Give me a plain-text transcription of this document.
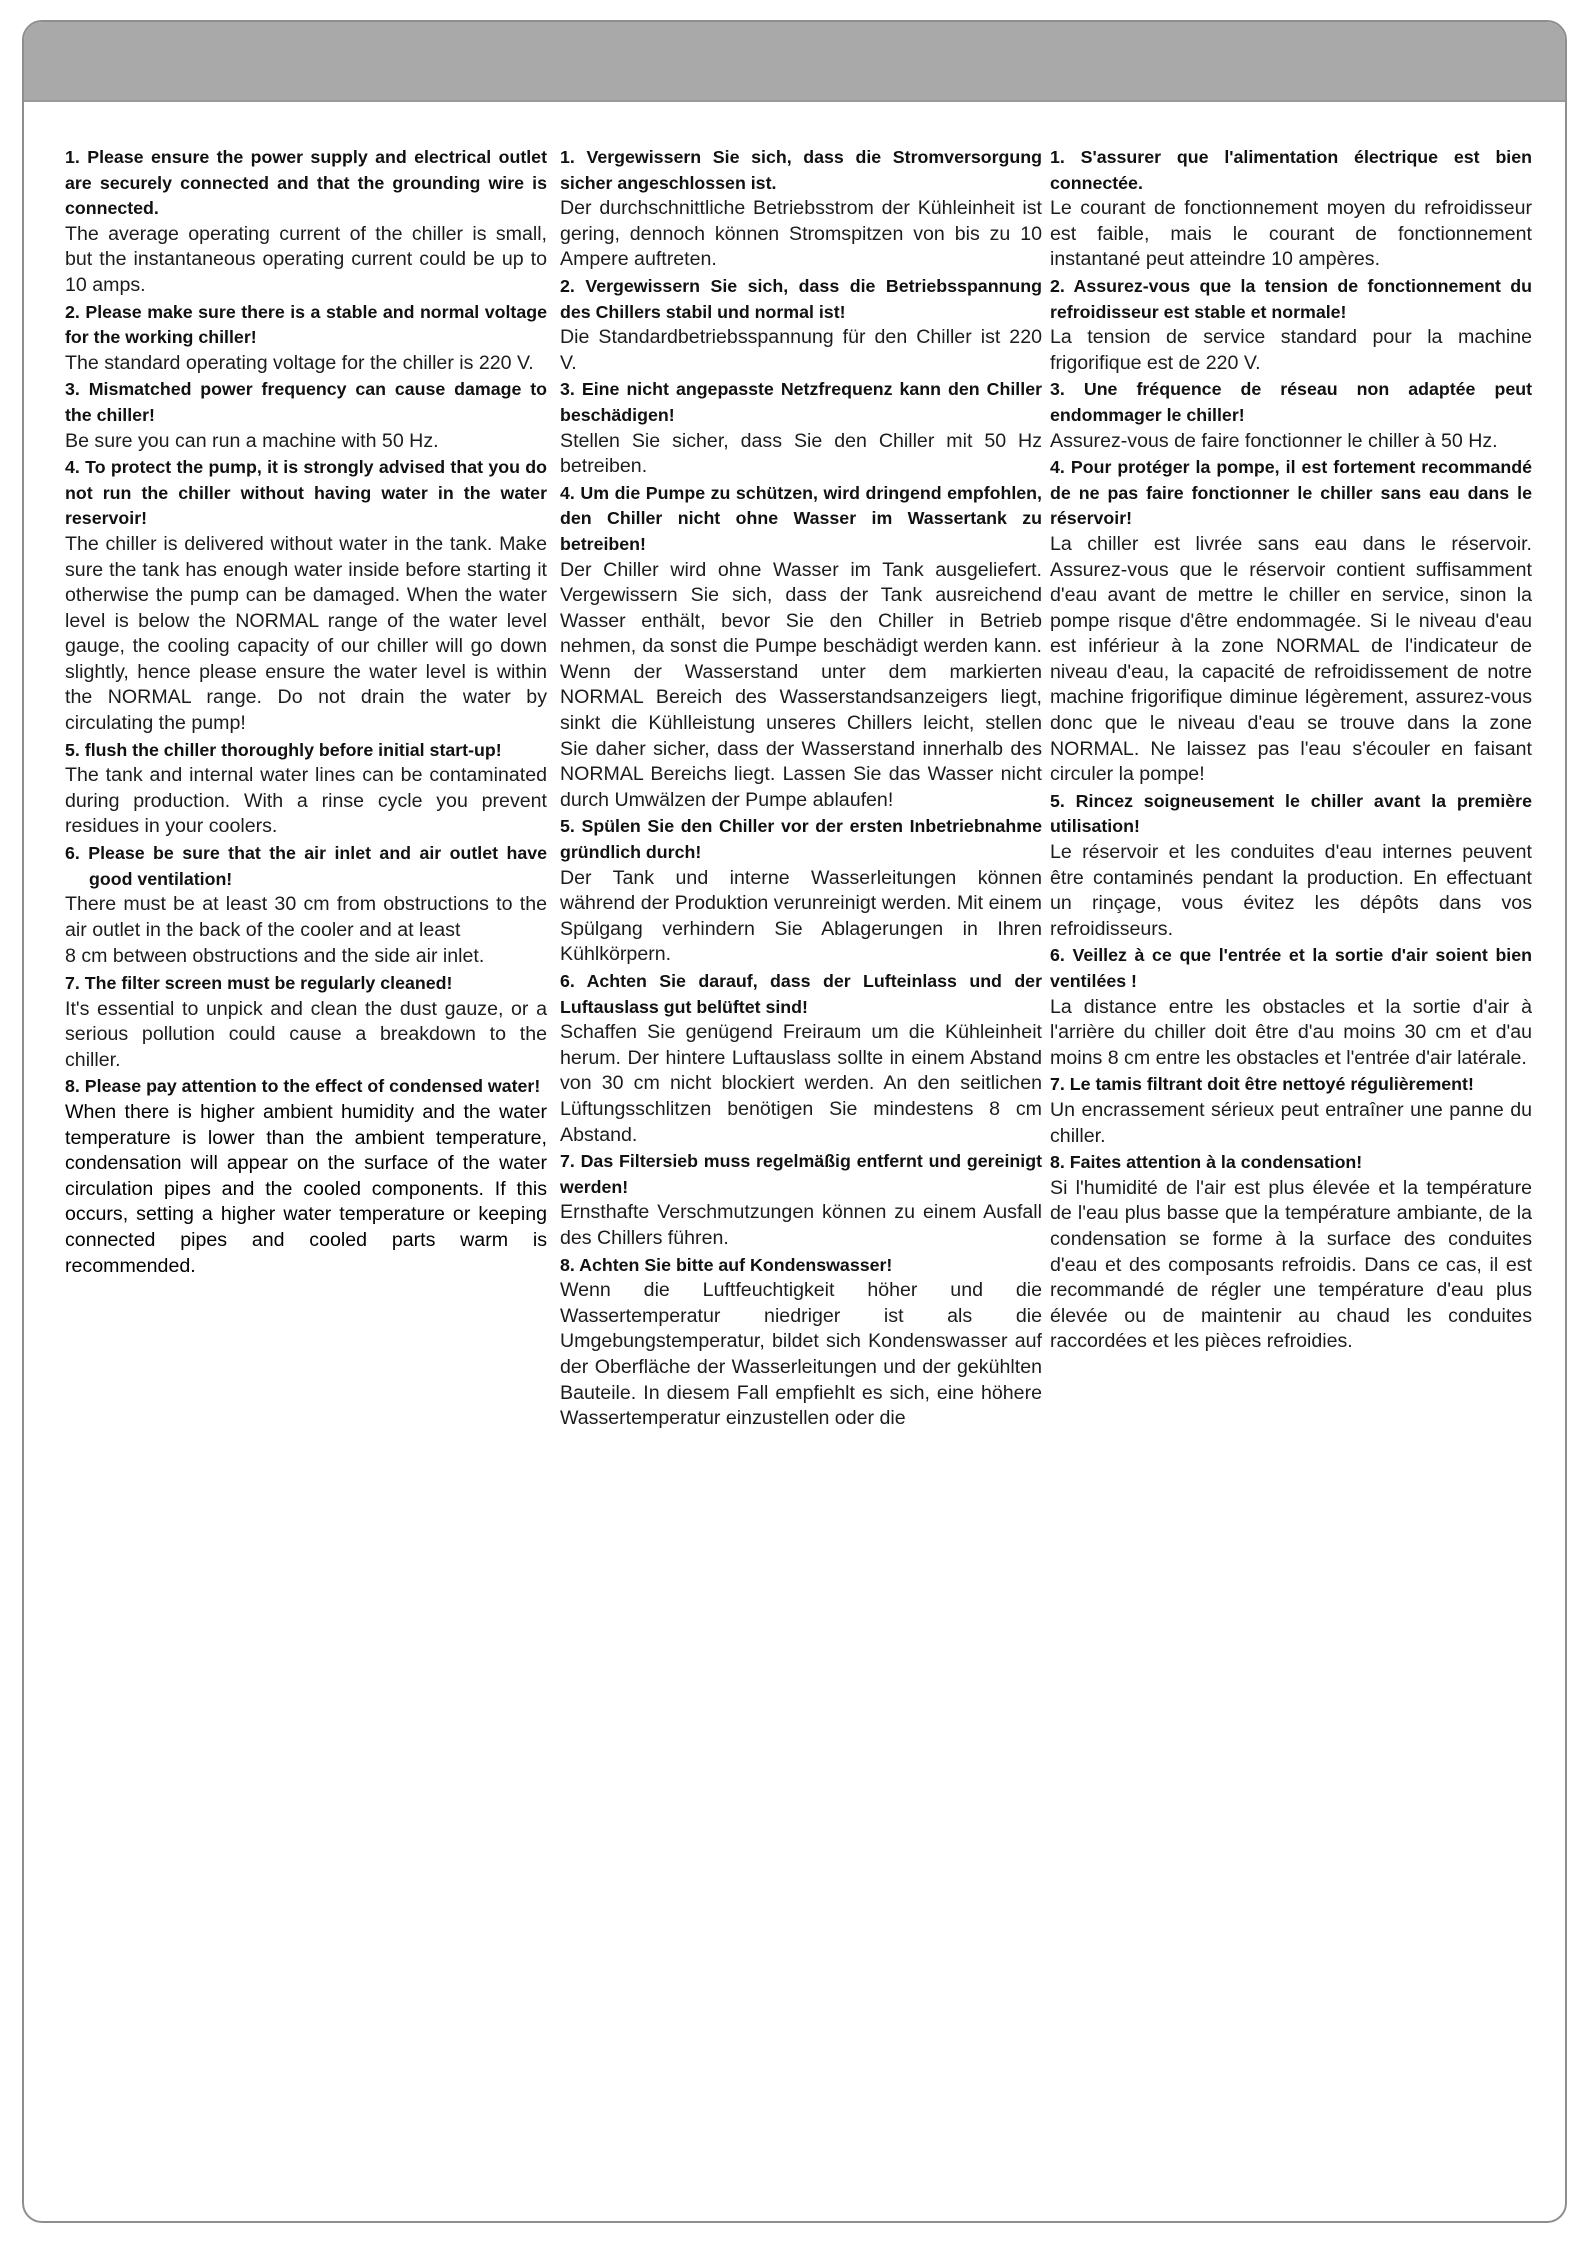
1. Please ensure the power supply and electrical outlet are securely connected and that the grounding wire is connected.

The average operating current of the chiller is small, but the instantaneous operating current could be up to 10 amps.

2. Please make sure there is a stable and normal voltage for the working chiller!

The standard operating voltage for the chiller is 220 V.

3. Mismatched power frequency can cause damage to the chiller!

Be sure you can run a machine with 50 Hz.

4. To protect the pump, it is strongly advised that you do not run the chiller without having water in the water reservoir!

The chiller is delivered without water in the tank. Make sure the tank has enough water inside before starting it otherwise the pump can be damaged. When the water level is below the NORMAL range of the water level gauge, the cooling capacity of our chiller will go down slightly, hence please ensure the water level is within the NORMAL range. Do not drain the water by circulating the pump!

5. flush the chiller thoroughly before initial start-up!

The tank and internal water lines can be contaminated during production. With a rinse cycle you prevent residues in your coolers.

6. Please be sure that the air inlet and air outlet have good ventilation!

There must be at least 30 cm from obstructions to the air outlet in the back of the cooler and at least

8 cm between obstructions and the side air inlet.

7. The filter screen must be regularly cleaned!

It's essential to unpick and clean the dust gauze, or a serious pollution could cause a breakdown to the chiller.

8. Please pay attention to the effect of condensed water!

When there is higher ambient humidity and the water temperature is lower than the ambient temperature, condensation will appear on the surface of the water circulation pipes and the cooled components. If this occurs, setting a higher water temperature or keeping connected pipes and cooled parts warm is recommended.

1. Vergewissern Sie sich, dass die Stromversorgung sicher angeschlossen ist.

Der durchschnittliche Betriebsstrom der Kühleinheit ist gering, dennoch können Stromspitzen von bis zu 10 Ampere auftreten.

2. Vergewissern Sie sich, dass die Betriebsspannung des Chillers stabil und normal ist!

Die Standardbetriebsspannung für den Chiller ist 220 V.

3. Eine nicht angepasste Netzfrequenz kann den Chiller beschädigen!

Stellen Sie sicher, dass Sie den Chiller mit 50 Hz betreiben.

4. Um die Pumpe zu schützen, wird dringend empfohlen, den Chiller nicht ohne Wasser im Wassertank zu betreiben!

Der Chiller wird ohne Wasser im Tank ausgeliefert. Vergewissern Sie sich, dass der Tank ausreichend Wasser enthält, bevor Sie den Chiller in Betrieb nehmen, da sonst die Pumpe beschädigt werden kann. Wenn der Wasserstand unter dem markierten NORMAL Bereich des Wasserstandsanzeigers liegt, sinkt die Kühlleistung unseres Chillers leicht, stellen Sie daher sicher, dass der Wasserstand innerhalb des NORMAL Bereichs liegt. Lassen Sie das Wasser nicht durch Umwälzen der Pumpe ablaufen!

5. Spülen Sie den Chiller vor der ersten Inbetriebnahme gründlich durch!

Der Tank und interne Wasserleitungen können während der Produktion verunreinigt werden. Mit einem Spülgang verhindern Sie Ablagerungen in Ihren Kühlkörpern.

6. Achten Sie darauf, dass der Lufteinlass und der Luftauslass gut belüftet sind!

Schaffen Sie genügend Freiraum um die Kühleinheit herum. Der hintere Luftauslass sollte in einem Abstand von 30 cm nicht blockiert werden. An den seitlichen Lüftungsschlitzen benötigen Sie mindestens 8 cm Abstand.

7. Das Filtersieb muss regelmäßig entfernt und gereinigt werden!

Ernsthafte Verschmutzungen können zu einem Ausfall des Chillers führen.

8. Achten Sie bitte auf Kondenswasser!

Wenn die Luftfeuchtigkeit höher und die Wassertemperatur niedriger ist als die Umgebungstemperatur, bildet sich Kondenswasser auf der Oberfläche der Wasserleitungen und der gekühlten Bauteile. In diesem Fall empfiehlt es sich, eine höhere Wassertemperatur einzustellen oder die

1. S'assurer que l'alimentation électrique est bien connectée.

Le courant de fonctionnement moyen du refroidisseur est faible, mais le courant de fonctionnement instantané peut atteindre 10 ampères.

2. Assurez-vous que la tension de fonctionnement du refroidisseur est stable et normale!

La tension de service standard pour la machine frigorifique est de 220 V.

3. Une fréquence de réseau non adaptée peut endommager le chiller!

Assurez-vous de faire fonctionner le chiller à 50 Hz.

4. Pour protéger la pompe, il est fortement recommandé de ne pas faire fonctionner le chiller sans eau dans le réservoir!

La chiller est livrée sans eau dans le réservoir. Assurez-vous que le réservoir contient suffisamment d'eau avant de mettre le chiller en service, sinon la pompe risque d'être endommagée. Si le niveau d'eau est inférieur à la zone NORMAL de l'indicateur de niveau d'eau, la capacité de refroidissement de notre machine frigorifique diminue légèrement, assurez-vous donc que le niveau d'eau se trouve dans la zone NORMAL. Ne laissez pas l'eau s'écouler en faisant circuler la pompe!

5. Rincez soigneusement le chiller avant la première utilisation!

Le réservoir et les conduites d'eau internes peuvent être contaminés pendant la production. En effectuant un rinçage, vous évitez les dépôts dans vos refroidisseurs.

6. Veillez à ce que l'entrée et la sortie d'air soient bien ventilées !

La distance entre les obstacles et la sortie d'air à l'arrière du chiller doit être d'au moins 30 cm et d'au moins 8 cm entre les obstacles et l'entrée d'air latérale.

7. Le tamis filtrant doit être nettoyé régulièrement!

Un encrassement sérieux peut entraîner une panne du chiller.

8. Faites attention à la condensation!

Si l'humidité de l'air est plus élevée et la température de l'eau plus basse que la température ambiante, de la condensation se forme à la surface des conduites d'eau et des composants refroidis. Dans ce cas, il est recommandé de régler une température d'eau plus élevée ou de maintenir au chaud les conduites raccordées et les pièces refroidies.
